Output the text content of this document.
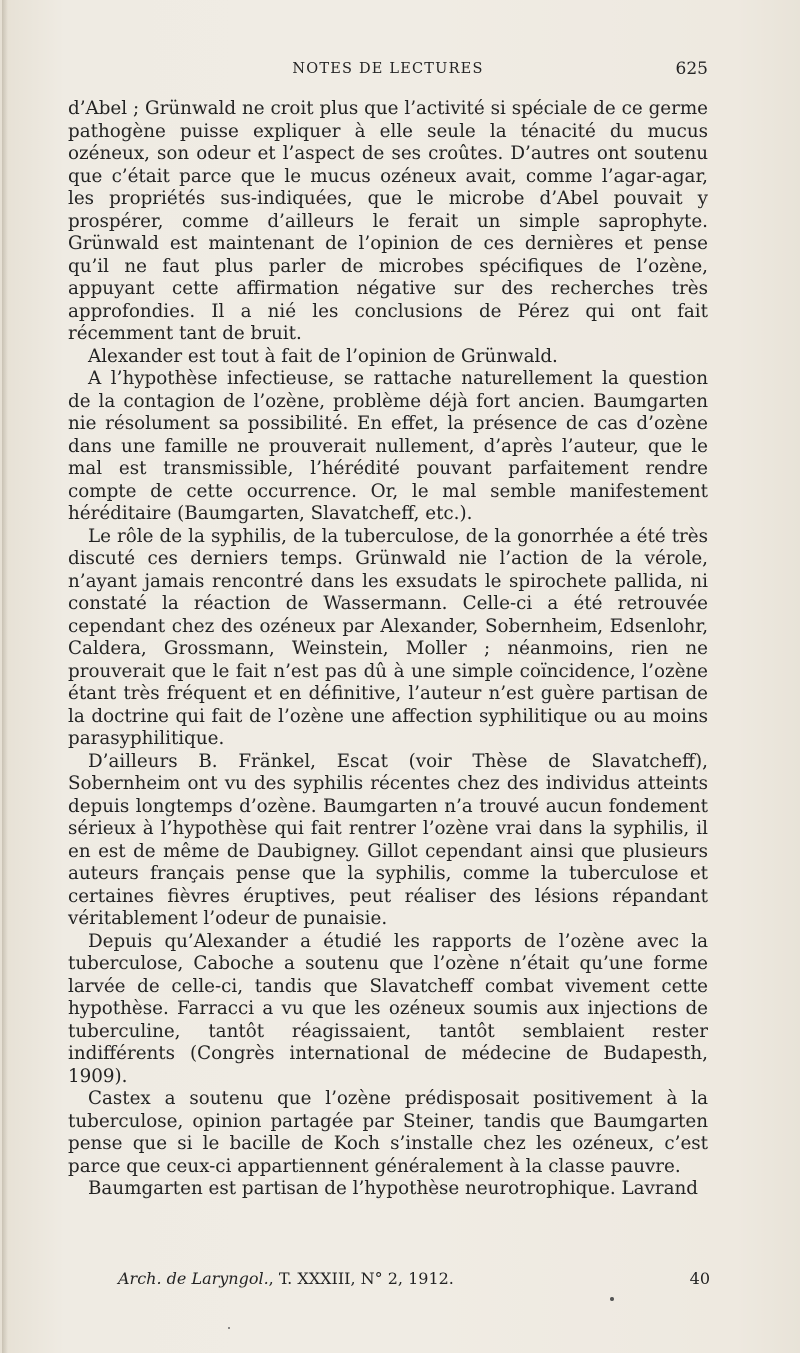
NOTES DE LECTURES	625

d’Abel ; Grünwald ne croit plus que l’activité si spéciale de ce germe pathogène puisse expliquer à elle seule la ténacité du mucus ozéneux, son odeur et l’aspect de ses croûtes. D’autres ont soutenu que c’était parce que le mucus ozéneux avait, comme l’agar-agar, les propriétés sus-indiquées, que le microbe d’Abel pouvait y prospérer, comme d’ailleurs le ferait un simple saprophyte. Grünwald est maintenant de l’opinion de ces dernières et pense qu’il ne faut plus parler de microbes spécifiques de l’ozène, appuyant cette affirmation négative sur des recherches très approfondies. Il a nié les conclusions de Pérez qui ont fait récemment tant de bruit.

Alexander est tout à fait de l’opinion de Grünwald.

A l’hypothèse infectieuse, se rattache naturellement la question de la contagion de l’ozène, problème déjà fort ancien. Baumgarten nie résolument sa possibilité. En effet, la présence de cas d’ozène dans une famille ne prouverait nullement, d’après l’auteur, que le mal est transmissible, l’hérédité pouvant parfaitement rendre compte de cette occurrence. Or, le mal semble manifestement héréditaire (Baumgarten, Slavatcheff, etc.).

Le rôle de la syphilis, de la tuberculose, de la gonorrhée a été très discuté ces derniers temps. Grünwald nie l’action de la vérole, n’ayant jamais rencontré dans les exsudats le spirochete pallida, ni constaté la réaction de Wassermann. Celle-ci a été retrouvée cependant chez des ozéneux par Alexander, Sobernheim, Edsenlohr, Caldera, Grossmann, Weinstein, Moller ; néanmoins, rien ne prouverait que le fait n’est pas dû à une simple coïncidence, l’ozène étant très fréquent et en définitive, l’auteur n’est guère partisan de la doctrine qui fait de l’ozène une affection syphilitique ou au moins parasyphilitique.

D’ailleurs B. Fränkel, Escat (voir Thèse de Slavatcheff), Sobernheim ont vu des syphilis récentes chez des individus atteints depuis longtemps d’ozène. Baumgarten n’a trouvé aucun fondement sérieux à l’hypothèse qui fait rentrer l’ozène vrai dans la syphilis, il en est de même de Daubigney. Gillot cependant ainsi que plusieurs auteurs français pense que la syphilis, comme la tuberculose et certaines fièvres éruptives, peut réaliser des lésions répandant véritablement l’odeur de punaisie.

Depuis qu’Alexander a étudié les rapports de l’ozène avec la tuberculose, Caboche a soutenu que l’ozène n’était qu’une forme larvée de celle-ci, tandis que Slavatcheff combat vivement cette hypothèse. Farracci a vu que les ozéneux soumis aux injections de tuberculine, tantôt réagissaient, tantôt semblaient rester indifférents (Congrès international de médecine de Budapesth, 1909).

Castex a soutenu que l’ozène prédisposait positivement à la tuberculose, opinion partagée par Steiner, tandis que Baumgarten pense que si le bacille de Koch s’installe chez les ozéneux, c’est parce que ceux-ci appartiennent généralement à la classe pauvre.

Baumgarten est partisan de l’hypothèse neurotrophique. Lavrand

Arch. de Laryngol., T. XXXIII, N° 2, 1912.	40
